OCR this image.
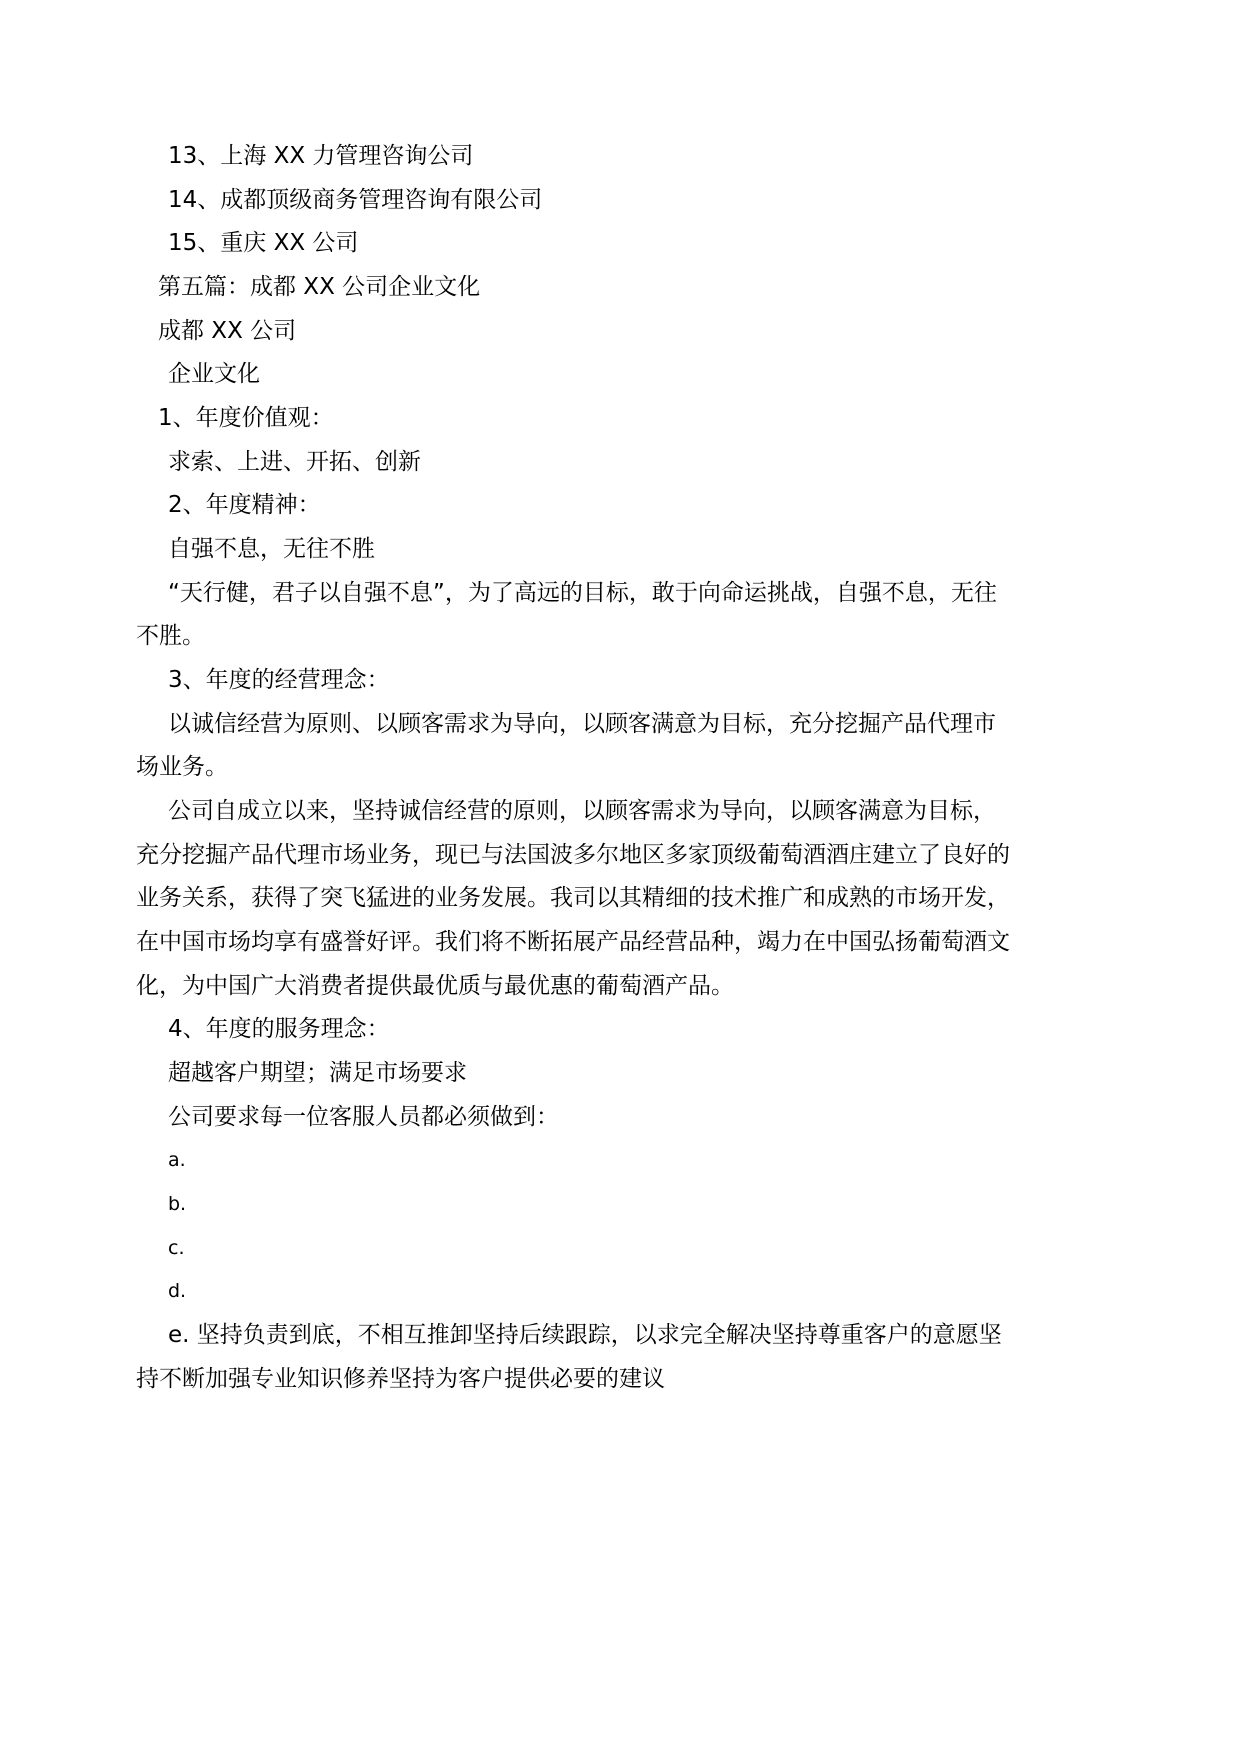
13、上海 XX 力管理咨询公司
14、成都顶级商务管理咨询有限公司
15、重庆 XX 公司
第五篇：成都 XX 公司企业文化
成都 XX 公司
企业文化
1、年度价值观：
求索、上进、开拓、创新
2、年度精神：
自强不息，无往不胜
“天行健，君子以自强不息”，为了高远的目标，敢于向命运挑战，自强不息，无往
不胜。
3、年度的经营理念：
以诚信经营为原则、以顾客需求为导向，以顾客满意为目标，充分挖掘产品代理市
场业务。
公司自成立以来，坚持诚信经营的原则，以顾客需求为导向，以顾客满意为目标，
充分挖掘产品代理市场业务，现已与法国波多尔地区多家顶级葡萄酒酒庄建立了良好的
业务关系，获得了突飞猛进的业务发展。我司以其精细的技术推广和成熟的市场开发，
在中国市场均享有盛誉好评。我们将不断拓展产品经营品种，竭力在中国弘扬葡萄酒文
化，为中国广大消费者提供最优质与最优惠的葡萄酒产品。
4、年度的服务理念：
超越客户期望；满足市场要求
公司要求每一位客服人员都必须做到：
a.
b.
c.
d.
e. 坚持负责到底，不相互推卸坚持后续跟踪，以求完全解决坚持尊重客户的意愿坚
持不断加强专业知识修养坚持为客户提供必要的建议
